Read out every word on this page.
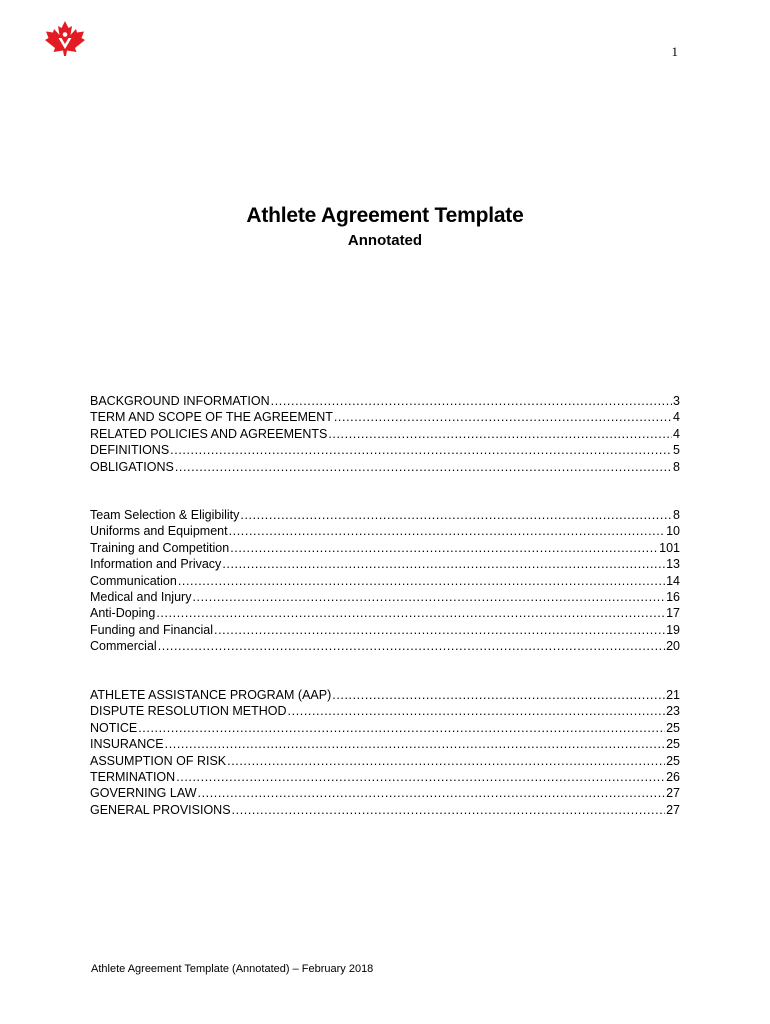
1
Athlete Agreement Template
Annotated
BACKGROUND INFORMATION .....	3
TERM AND SCOPE OF THE AGREEMENT .....	4
RELATED POLICIES AND AGREEMENTS .....	4
DEFINITIONS .....	5
OBLIGATIONS .....	8
Team Selection & Eligibility .....	8
Uniforms and Equipment .....	10
Training and Competition .....	101
Information and Privacy .....	13
Communication .....	14
Medical and Injury .....	16
Anti-Doping .....	17
Funding and Financial .....	19
Commercial .....	20
ATHLETE ASSISTANCE PROGRAM (AAP) .....	21
DISPUTE RESOLUTION METHOD .....	23
NOTICE .....	25
INSURANCE .....	25
ASSUMPTION OF RISK .....	25
TERMINATION .....	26
GOVERNING LAW .....	27
GENERAL PROVISIONS .....	27
Athlete Agreement Template (Annotated) – February 2018
